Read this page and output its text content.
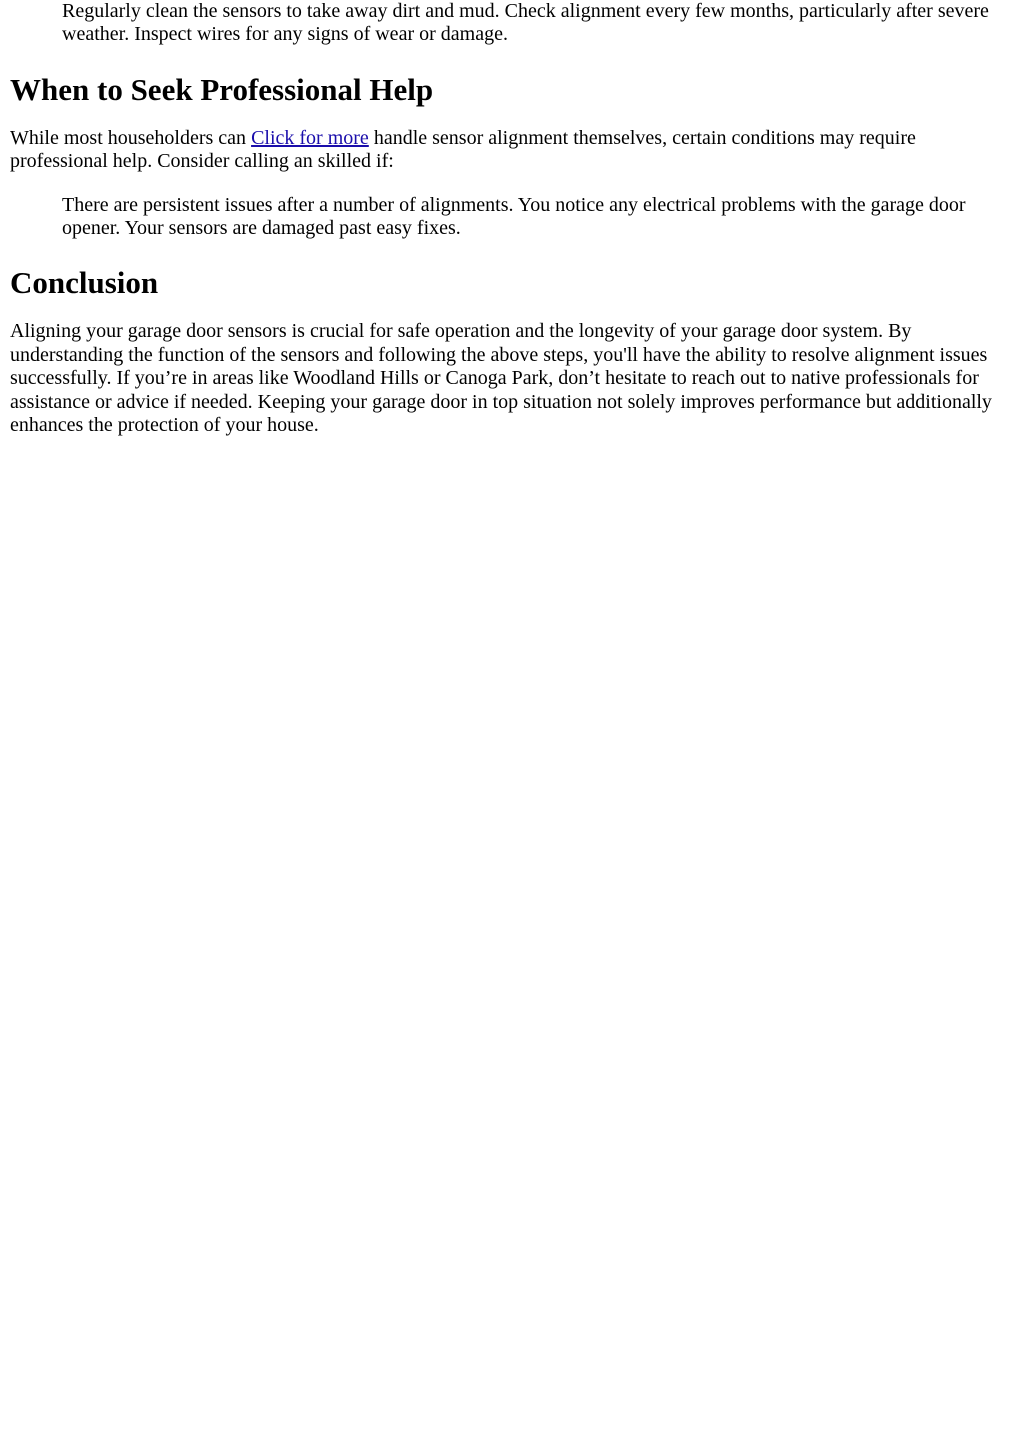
Regularly clean the sensors to take away dirt and mud. Check alignment every few months, particularly after severe weather. Inspect wires for any signs of wear or damage.

When to Seek Professional Help

While most householders can Click for more handle sensor alignment themselves, certain conditions may require professional help. Consider calling an skilled if:

There are persistent issues after a number of alignments. You notice any electrical problems with the garage door opener. Your sensors are damaged past easy fixes.

Conclusion

Aligning your garage door sensors is crucial for safe operation and the longevity of your garage door system. By understanding the function of the sensors and following the above steps, you'll have the ability to resolve alignment issues successfully. If you’re in areas like Woodland Hills or Canoga Park, don’t hesitate to reach out to native professionals for assistance or advice if needed. Keeping your garage door in top situation not solely improves performance but additionally enhances the protection of your house.
